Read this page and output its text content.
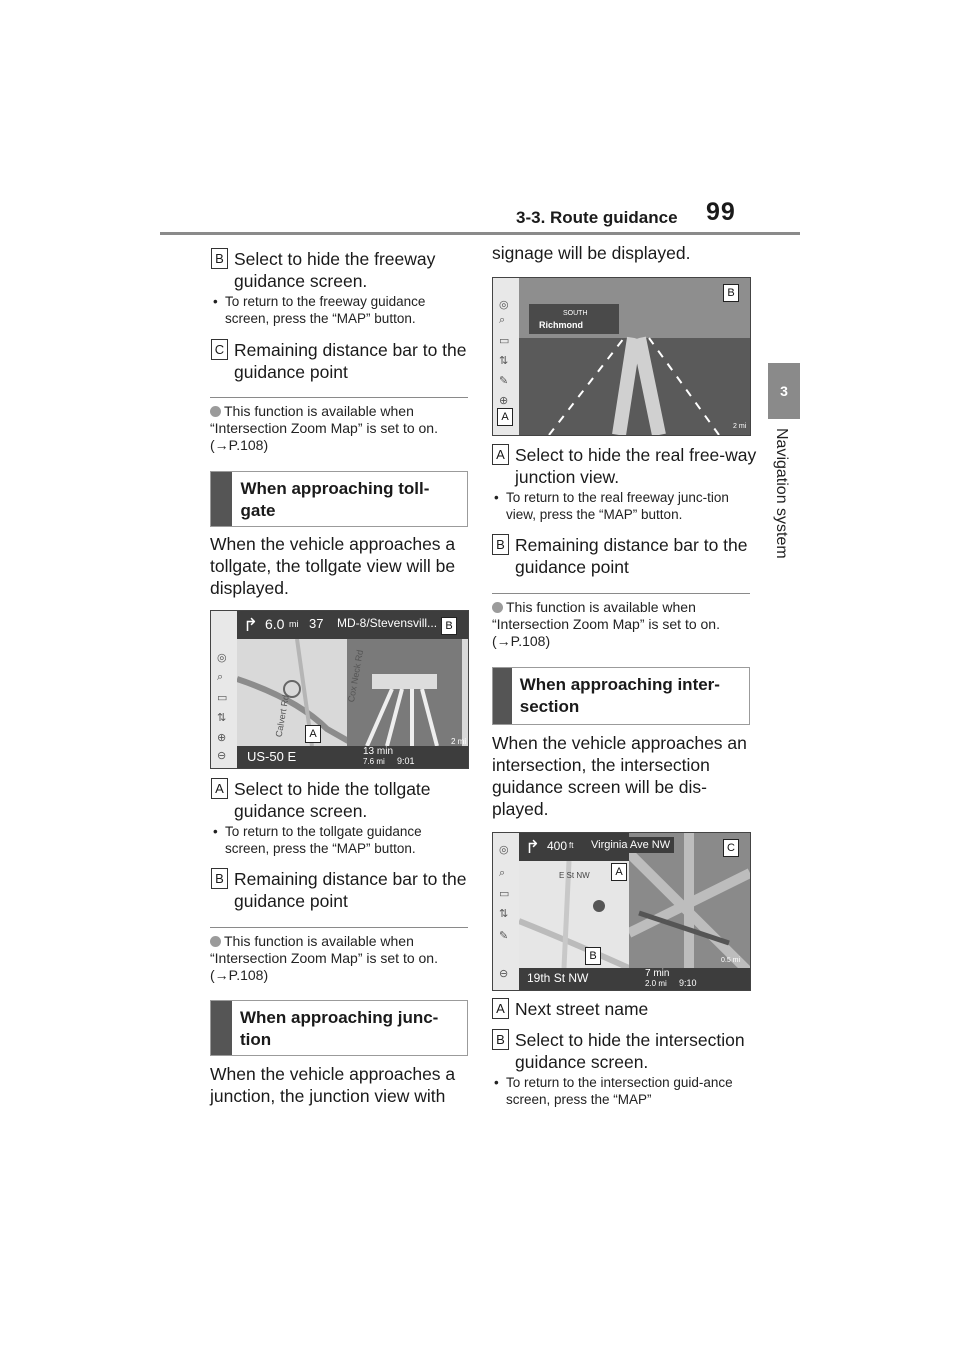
3-3. Route guidance 99
3
Navigation system
B Select to hide the freeway guidance screen.
• To return to the freeway guidance screen, press the “MAP” button.
C Remaining distance bar to the guidance point
This function is available when “Intersection Zoom Map” is set to on. (→P.108)
When approaching toll-gate
When the vehicle approaches a tollgate, the tollgate view will be displayed.
◎
⌕
▭
⇅
⊕
⊖
↱ 6.0 mi 37 MD-8/Stevensvill...
Cox Neck Rd
Calvert Rd
2 mi
US-50 E	13 min
7.6 mi 9:01
B
A
A Select to hide the tollgate guidance screen.
• To return to the tollgate guidance screen, press the “MAP” button.
B Remaining distance bar to the guidance point
This function is available when “Intersection Zoom Map” is set to on. (→P.108)
When approaching junc-tion
When the vehicle approaches a junction, the junction view with
signage will be displayed.
◎
⌕
▭
⇅
✎
⊕
SOUTH
Richmond
2 mi
B
A
A Select to hide the real free-way junction view.
• To return to the real freeway junc-tion view, press the “MAP” button.
B Remaining distance bar to the guidance point
This function is available when “Intersection Zoom Map” is set to on. (→P.108)
When approaching inter-section
When the vehicle approaches an intersection, the intersection guidance screen will be dis-played.
◎
⌕
▭
⇅
✎
⊖
↱ 400 ft	Virginia Ave NW
E St NW
0.5 mi
19th St NW	7 min
2.0 mi 9:10
A
B
C
A Next street name
B Select to hide the intersection guidance screen.
• To return to the intersection guid-ance screen, press the “MAP”
